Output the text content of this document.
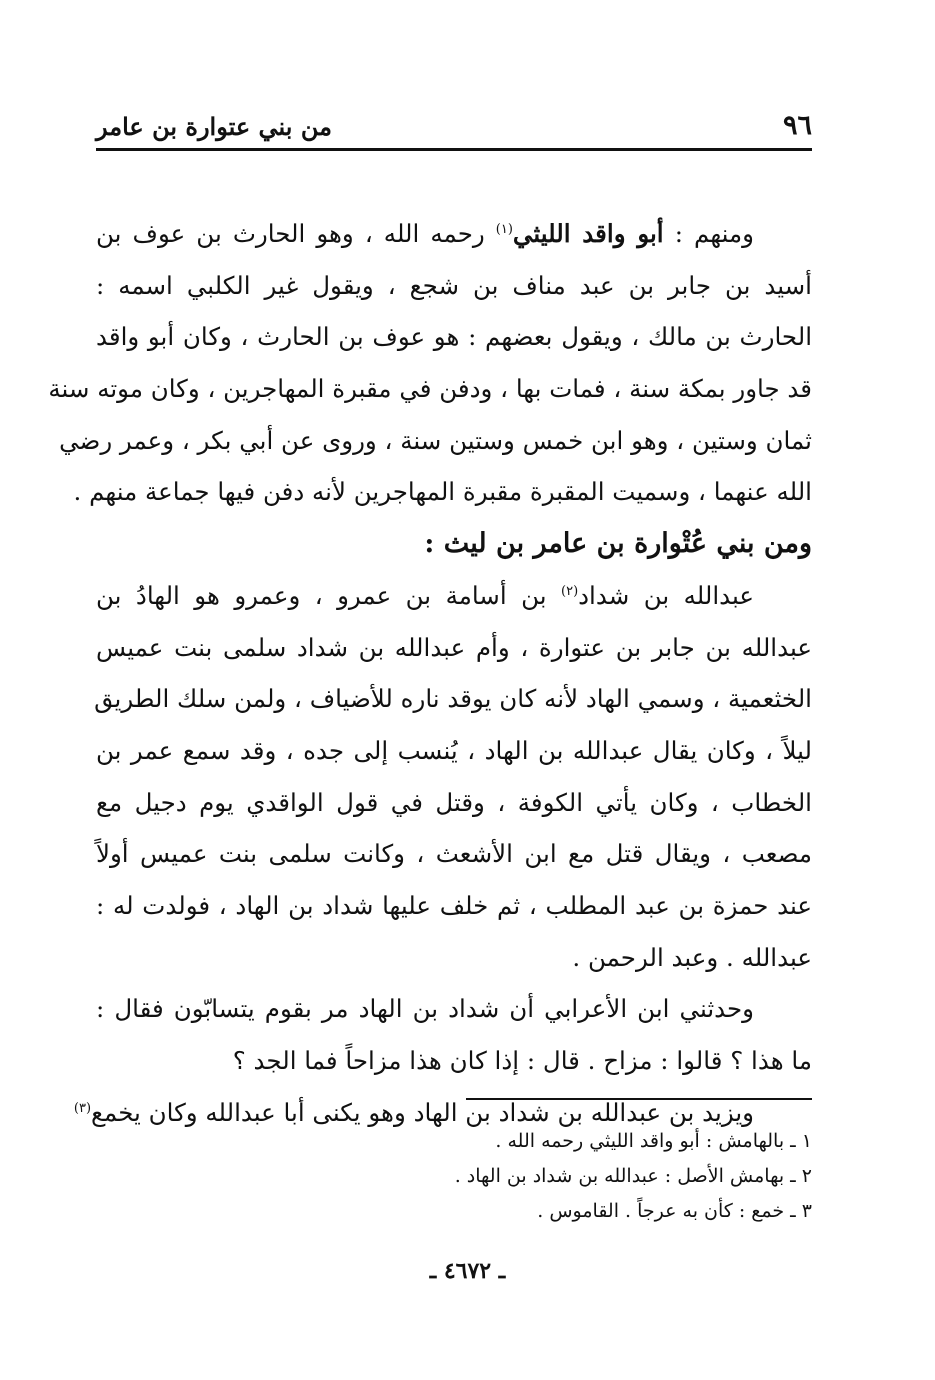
٩٦
من بني عتوارة بن عامر
ومنهم : أبو واقد الليثي$^{(١)}$ رحمه الله ، وهو الحارث بن عوف بن
أسيد بن جابر بن عبد مناف بن شجع ، ويقول غير الكلبي اسمه :
الحارث بن مالك ، ويقول بعضهم : هو عوف بن الحارث ، وكان أبو واقد
قد جاور بمكة سنة ، فمات بها ، ودفن في مقبرة المهاجرين ، وكان موته سنة
ثمان وستين ، وهو ابن خمس وستين سنة ، وروى عن أبي بكر ، وعمر رضي
الله عنهما ، وسميت المقبرة مقبرة المهاجرين لأنه دفن فيها جماعة منهم .
ومن بني عُتْوارة بن عامر بن ليث :
عبدالله بن شداد$^{(٢)}$ بن أسامة بن عمرو ، وعمرو هو الهادُ بن
عبدالله بن جابر بن عتوارة ، وأم عبدالله بن شداد سلمى بنت عميس
الخثعمية ، وسمي الهاد لأنه كان يوقد ناره للأضياف ، ولمن سلك الطريق
ليلاً ، وكان يقال عبدالله بن الهاد ، يُنسب إلى جده ، وقد سمع عمر بن
الخطاب ، وكان يأتي الكوفة ، وقتل في قول الواقدي يوم دجيل مع
مصعب ، ويقال قتل مع ابن الأشعث ، وكانت سلمى بنت عميس أولاً
عند حمزة بن عبد المطلب ، ثم خلف عليها شداد بن الهاد ، فولدت له :
عبدالله . وعبد الرحمن .
وحدثني ابن الأعرابي أن شداد بن الهاد مر بقوم يتسابّون فقال :
ما هذا ؟ قالوا : مزاح . قال : إذا كان هذا مزاحاً فما الجد ؟
ويزيد بن عبدالله بن شداد بن الهاد وهو يكنى أبا عبدالله وكان يخمع$^{(٣)}$
١ ـ بالهامش : أبو واقد الليثي رحمه الله .
٢ ـ بهامش الأصل : عبدالله بن شداد بن الهاد .
٣ ـ خمع : كأن به عرجاً . القاموس .
ـ ٤٦٧٢ ـ
